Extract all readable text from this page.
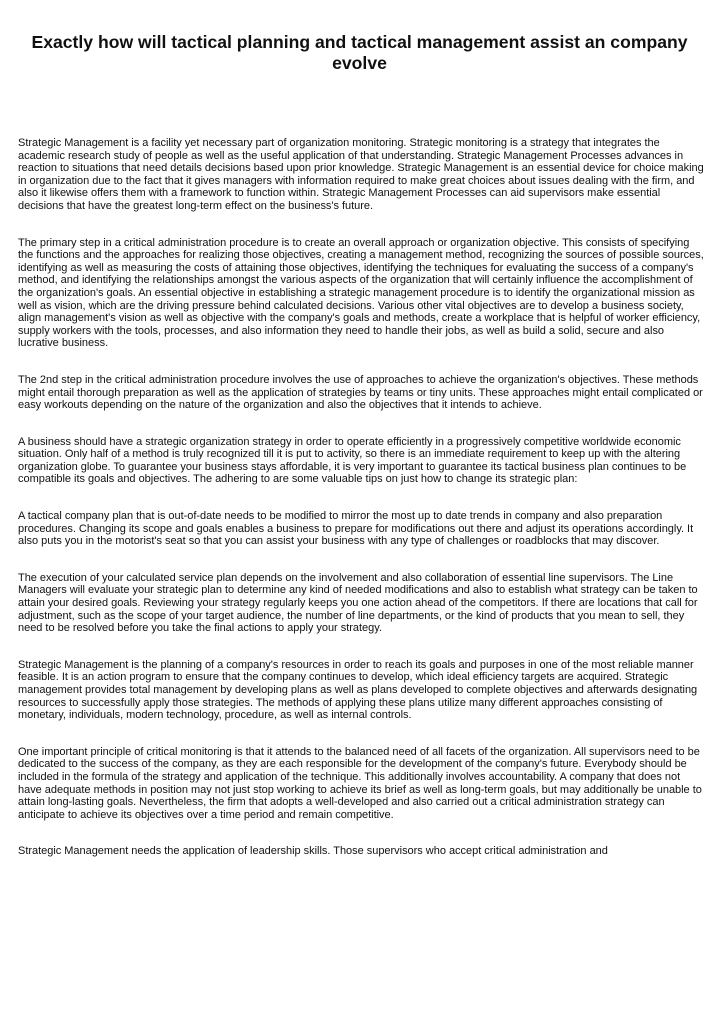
Exactly how will tactical planning and tactical management assist an company evolve

Strategic Management is a facility yet necessary part of organization monitoring. Strategic monitoring is a strategy that integrates the academic research study of people as well as the useful application of that understanding. Strategic Management Processes advances in reaction to situations that need details decisions based upon prior knowledge. Strategic Management is an essential device for choice making in organization due to the fact that it gives managers with information required to make great choices about issues dealing with the firm, and also it likewise offers them with a framework to function within. Strategic Management Processes can aid supervisors make essential decisions that have the greatest long-term effect on the business's future.

The primary step in a critical administration procedure is to create an overall approach or organization objective. This consists of specifying the functions and the approaches for realizing those objectives, creating a management method, recognizing the sources of possible sources, identifying as well as measuring the costs of attaining those objectives, identifying the techniques for evaluating the success of a company's method, and identifying the relationships amongst the various aspects of the organization that will certainly influence the accomplishment of the organization's goals. An essential objective in establishing a strategic management procedure is to identify the organizational mission as well as vision, which are the driving pressure behind calculated decisions. Various other vital objectives are to develop a business society, align management's vision as well as objective with the company's goals and methods, create a workplace that is helpful of worker efficiency, supply workers with the tools, processes, and also information they need to handle their jobs, as well as build a solid, secure and also lucrative business.

The 2nd step in the critical administration procedure involves the use of approaches to achieve the organization's objectives. These methods might entail thorough preparation as well as the application of strategies by teams or tiny units. These approaches might entail complicated or easy workouts depending on the nature of the organization and also the objectives that it intends to achieve.

A business should have a strategic organization strategy in order to operate efficiently in a progressively competitive worldwide economic situation. Only half of a method is truly recognized till it is put to activity, so there is an immediate requirement to keep up with the altering organization globe. To guarantee your business stays affordable, it is very important to guarantee its tactical business plan continues to be compatible its goals and objectives. The adhering to are some valuable tips on just how to change its strategic plan:

A tactical company plan that is out-of-date needs to be modified to mirror the most up to date trends in company and also preparation procedures. Changing its scope and goals enables a business to prepare for modifications out there and adjust its operations accordingly. It also puts you in the motorist's seat so that you can assist your business with any type of challenges or roadblocks that may discover.

The execution of your calculated service plan depends on the involvement and also collaboration of essential line supervisors. The Line Managers will evaluate your strategic plan to determine any kind of needed modifications and also to establish what strategy can be taken to attain your desired goals. Reviewing your strategy regularly keeps you one action ahead of the competitors. If there are locations that call for adjustment, such as the scope of your target audience, the number of line departments, or the kind of products that you mean to sell, they need to be resolved before you take the final actions to apply your strategy.

Strategic Management is the planning of a company's resources in order to reach its goals and purposes in one of the most reliable manner feasible. It is an action program to ensure that the company continues to develop, which ideal efficiency targets are acquired. Strategic management provides total management by developing plans as well as plans developed to complete objectives and afterwards designating resources to successfully apply those strategies. The methods of applying these plans utilize many different approaches consisting of monetary, individuals, modern technology, procedure, as well as internal controls.

One important principle of critical monitoring is that it attends to the balanced need of all facets of the organization. All supervisors need to be dedicated to the success of the company, as they are each responsible for the development of the company's future. Everybody should be included in the formula of the strategy and application of the technique. This additionally involves accountability. A company that does not have adequate methods in position may not just stop working to achieve its brief as well as long-term goals, but may additionally be unable to attain long-lasting goals. Nevertheless, the firm that adopts a well-developed and also carried out a critical administration strategy can anticipate to achieve its objectives over a time period and remain competitive.

Strategic Management needs the application of leadership skills. Those supervisors who accept critical administration and
